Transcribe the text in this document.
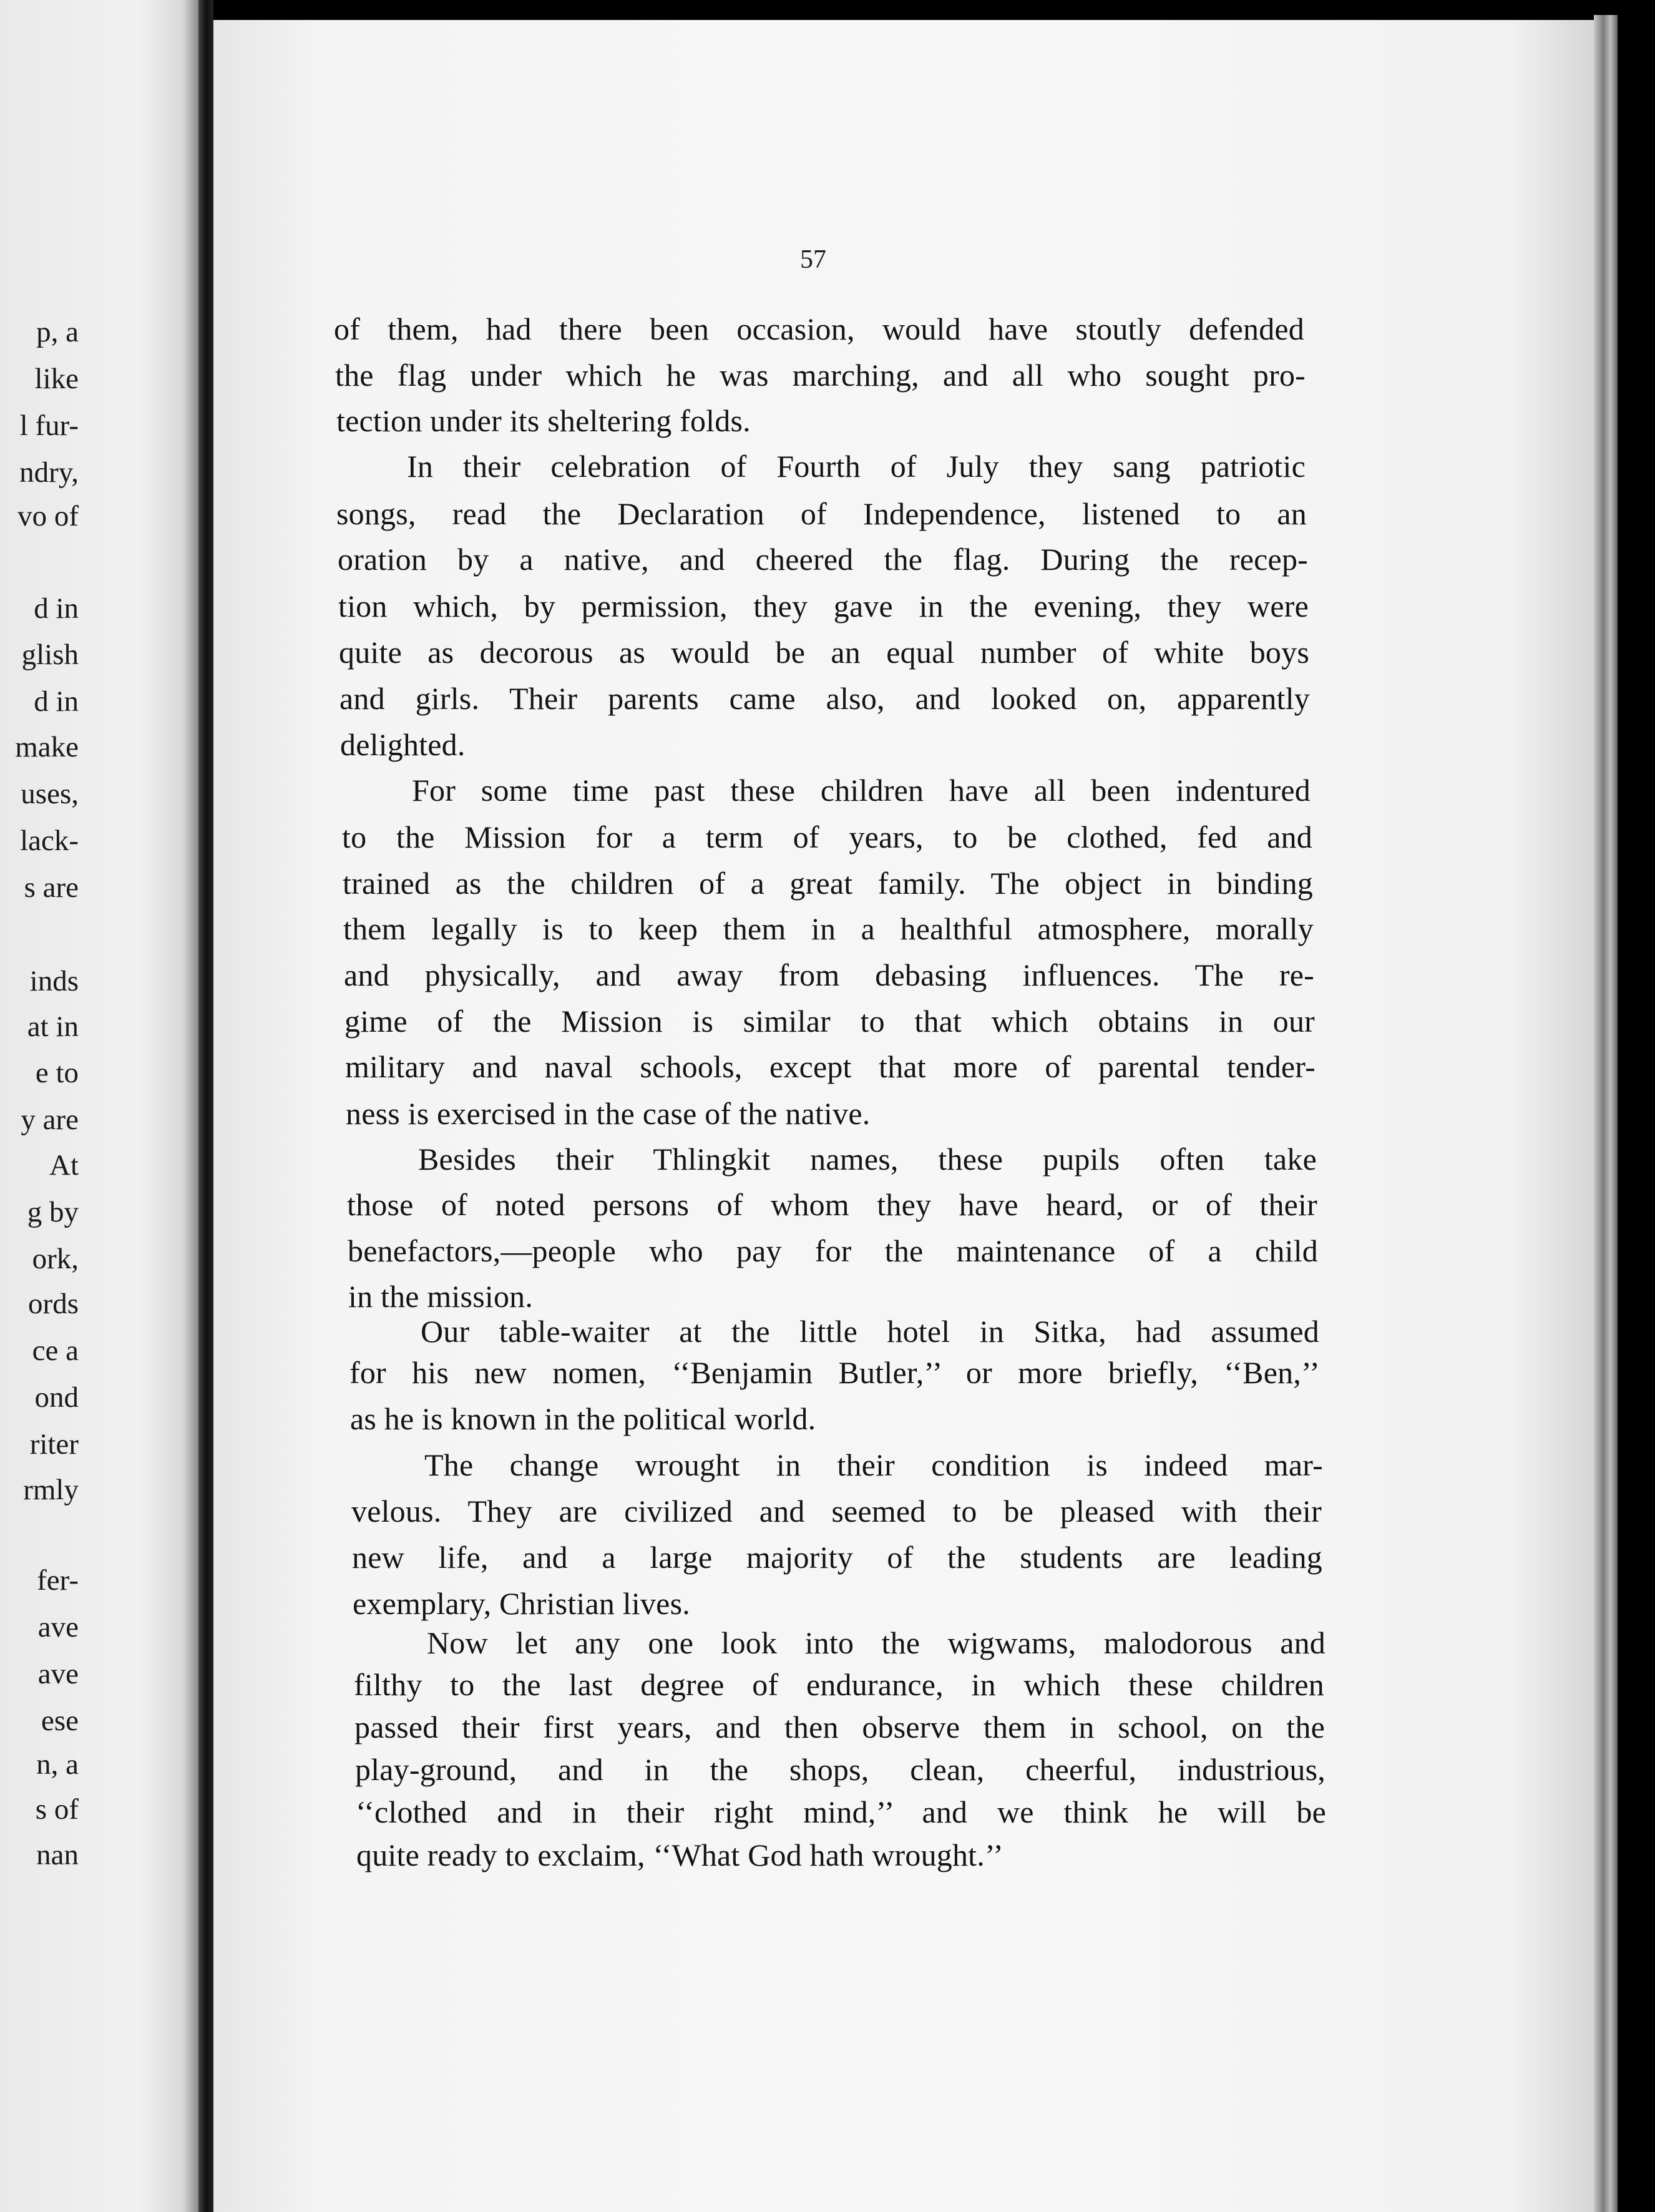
p, a
like
l fur-
ndry,
vo of
d in
glish
d in
make
uses,
lack-
s are
inds
at in
e to
y are
At
g by
ork,
ords
ce a
ond
riter
rmly
fer-
ave
ave
ese
n, a
s of
nan
57
of them, had there been occasion, would have stoutly defended
the flag under which he was marching, and all who sought pro-
tection under its sheltering folds.
In their celebration of Fourth of July they sang patriotic
songs, read the Declaration of Independence, listened to an
oration by a native, and cheered the flag. During the recep-
tion which, by permission, they gave in the evening, they were
quite as decorous as would be an equal number of white boys
and girls. Their parents came also, and looked on, apparently
delighted.
For some time past these children have all been indentured
to the Mission for a term of years, to be clothed, fed and
trained as the children of a great family. The object in binding
them legally is to keep them in a healthful atmosphere, morally
and physically, and away from debasing influences. The re-
gime of the Mission is similar to that which obtains in our
military and naval schools, except that more of parental tender-
ness is exercised in the case of the native.
Besides their Thlingkit names, these pupils often take
those of noted persons of whom they have heard, or of their
benefactors,—people who pay for the maintenance of a child
in the mission.
Our table-waiter at the little hotel in Sitka, had assumed
for his new nomen, ‘‘Benjamin Butler,’’ or more briefly, ‘‘Ben,’’
as he is known in the political world.
The change wrought in their condition is indeed mar-
velous. They are civilized and seemed to be pleased with their
new life, and a large majority of the students are leading
exemplary, Christian lives.
Now let any one look into the wigwams, malodorous and
filthy to the last degree of endurance, in which these children
passed their first years, and then observe them in school, on the
play-ground, and in the shops, clean, cheerful, industrious,
‘‘clothed and in their right mind,’’ and we think he will be
quite ready to exclaim, ‘‘What God hath wrought.’’
